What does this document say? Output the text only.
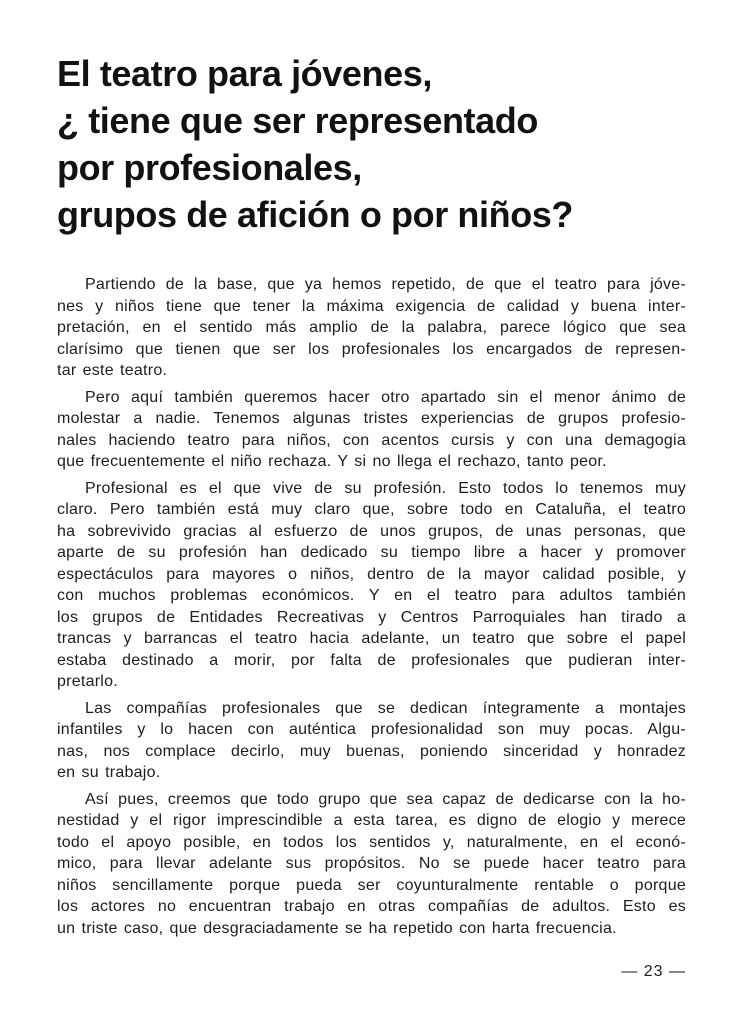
El teatro para jóvenes,
¿ tiene que ser representado
por profesionales,
grupos de afición o por niños?

Partiendo de la base, que ya hemos repetido, de que el teatro para jóve-
nes y niños tiene que tener la máxima exigencia de calidad y buena inter-
pretación, en el sentido más amplio de la palabra, parece lógico que sea
clarísimo que tienen que ser los profesionales los encargados de represen-
tar este teatro.

Pero aquí también queremos hacer otro apartado sin el menor ánimo de
molestar a nadie. Tenemos algunas tristes experiencias de grupos profesio-
nales haciendo teatro para niños, con acentos cursis y con una demagogia
que frecuentemente el niño rechaza. Y si no llega el rechazo, tanto peor.

Profesional es el que vive de su profesión. Esto todos lo tenemos muy
claro. Pero también está muy claro que, sobre todo en Cataluña, el teatro
ha sobrevivido gracias al esfuerzo de unos grupos, de unas personas, que
aparte de su profesión han dedicado su tiempo libre a hacer y promover
espectáculos para mayores o niños, dentro de la mayor calidad posible, y
con muchos problemas económicos. Y en el teatro para adultos también
los grupos de Entidades Recreativas y Centros Parroquiales han tirado a
trancas y barrancas el teatro hacia adelante, un teatro que sobre el papel
estaba destinado a morir, por falta de profesionales que pudieran inter-
pretarlo.

Las compañías profesionales que se dedican íntegramente a montajes
infantiles y lo hacen con auténtica profesionalidad son muy pocas. Algu-
nas, nos complace decirlo, muy buenas, poniendo sinceridad y honradez
en su trabajo.

Así pues, creemos que todo grupo que sea capaz de dedicarse con la ho-
nestidad y el rigor imprescindible a esta tarea, es digno de elogio y merece
todo el apoyo posible, en todos los sentidos y, naturalmente, en el econó-
mico, para llevar adelante sus propósitos. No se puede hacer teatro para
niños sencillamente porque pueda ser coyunturalmente rentable o porque
los actores no encuentran trabajo en otras compañías de adultos. Esto es
un triste caso, que desgraciadamente se ha repetido con harta frecuencia.

— 23 —
